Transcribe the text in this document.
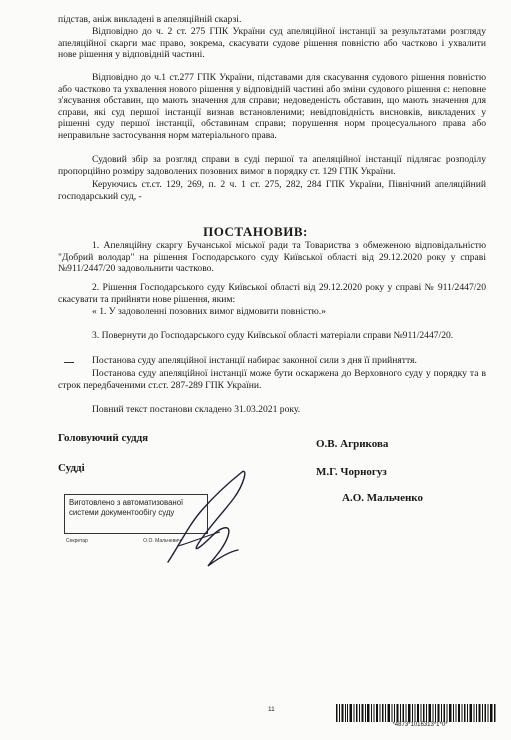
підстав, аніж викладені в апеляційній скарзі.

Відповідно до ч. 2 ст. 275 ГПК України суд апеляційної інстанції за результатами розгляду апеляційної скарги має право, зокрема, скасувати судове рішення повністю або частково і ухвалити нове рішення у відповідній частині.

Відповідно до ч.1 ст.277 ГПК України, підставами для скасування судового рішення повністю або частково та ухвалення нового рішення у відповідній частині або зміни судового рішення є: неповне з'ясування обставин, що мають значення для справи; недоведеність обставин, що мають значення для справи, які суд першої інстанції визнав встановленими; невідповідність висновків, викладених у рішенні суду першої інстанції, обставинам справи; порушення норм процесуального права або неправильне застосування норм матеріального права.

Судовий збір за розгляд справи в суді першої та апеляційної інстанції підлягає розподілу пропорційно розміру задоволених позовних вимог в порядку ст. 129 ГПК України.

Керуючись ст.ст. 129, 269, п. 2 ч. 1 ст. 275, 282, 284 ГПК України, Північний апеляційний господарський суд, -

ПОСТАНОВИВ:

1. Апеляційну скаргу Бучанської міської ради та Товариства з обмеженою відповідальністю "Добрий володар" на рішення Господарського суду Київської області від 29.12.2020 року у справі №911/2447/20 задовольнити частково.

2. Рішення Господарського суду Київської області від 29.12.2020 року у справі № 911/2447/20 скасувати та прийняти нове рішення, яким:

« 1. У задоволенні позовних вимог відмовити повністю.»

3. Повернути до Господарського суду Київської області матеріали справи №911/2447/20.

Постанова суду апеляційної інстанції набирає законної сили з дня її прийняття.

Постанова суду апеляційної інстанції може бути оскаржена до Верховного суду у порядку та в строк передбаченими ст.ст. 287-289 ГПК України.

Повний текст постанови складено 31.03.2021 року.

Головуючий суддя	О.В. Агрикова
Судді	М.Г. Чорногуз
А.О. Мальченко
Виготовлено з автоматизованої
системи документообігу суду
Секретар	О.О. Мальчевич
11
*4873*1016313*1*0*
